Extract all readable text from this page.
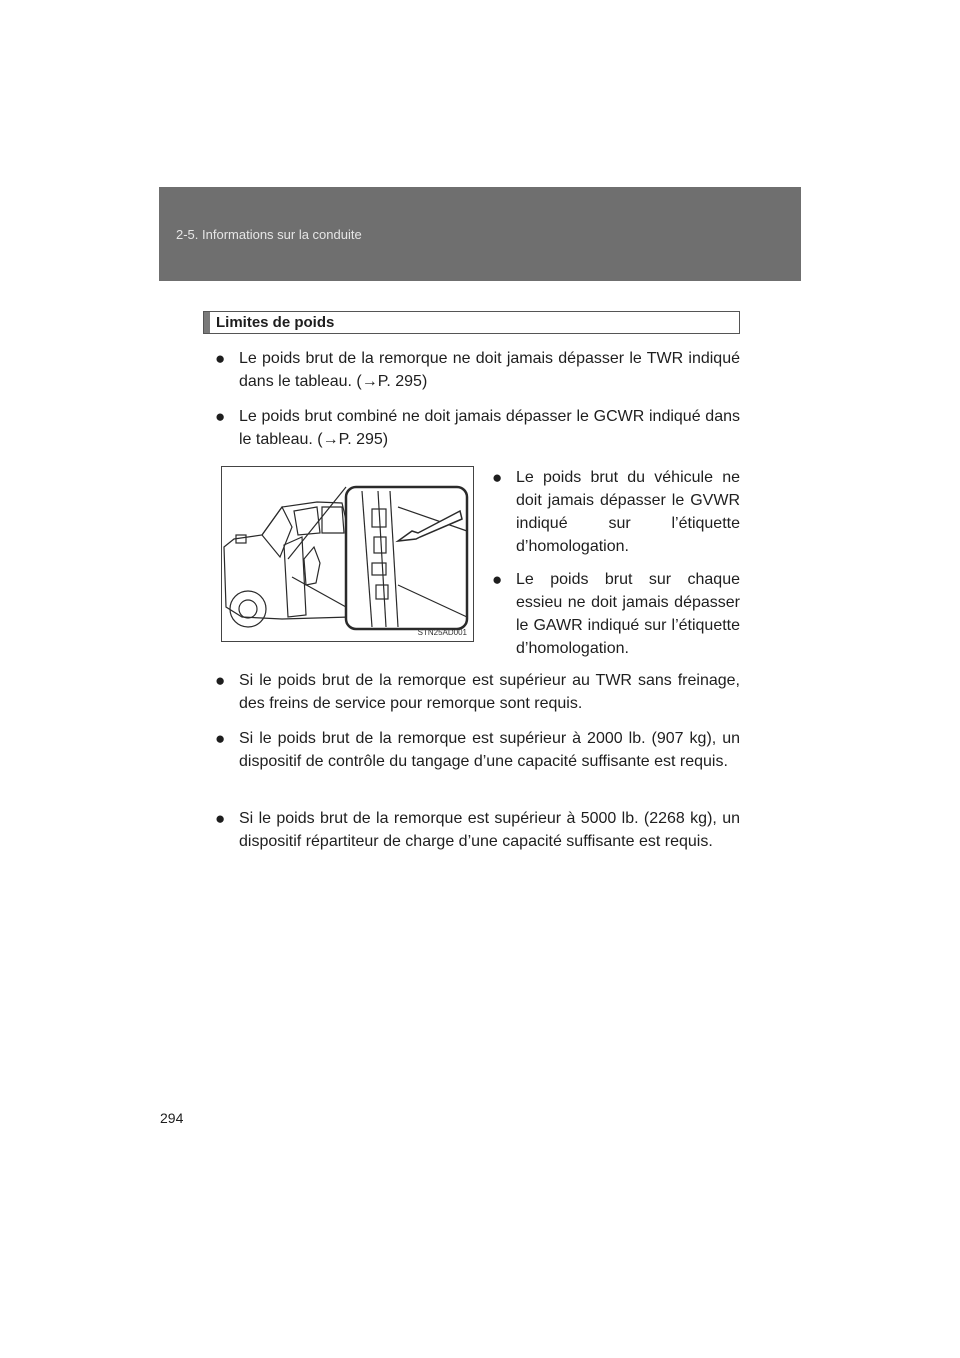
2-5. Informations sur la conduite
Limites de poids
● Le poids brut de la remorque ne doit jamais dépasser le TWR indiqué dans le tableau. (→P. 295)
● Le poids brut combiné ne doit jamais dépasser le GCWR indiqué dans le tableau. (→P. 295)
STN25AD001
● Le poids brut du véhicule ne doit jamais dépasser le GVWR indiqué sur l’étiquette d’homologation.
● Le poids brut sur chaque essieu ne doit jamais dépasser le GAWR indiqué sur l’étiquette d’homologation.
● Si le poids brut de la remorque est supérieur au TWR sans freinage, des freins de service pour remorque sont requis.
● Si le poids brut de la remorque est supérieur à 2000 lb. (907 kg), un dispositif de contrôle du tangage d’une capacité suffisante est requis.
● Si le poids brut de la remorque est supérieur à 5000 lb. (2268 kg), un dispositif répartiteur de charge d’une capacité suffisante est requis.
294
